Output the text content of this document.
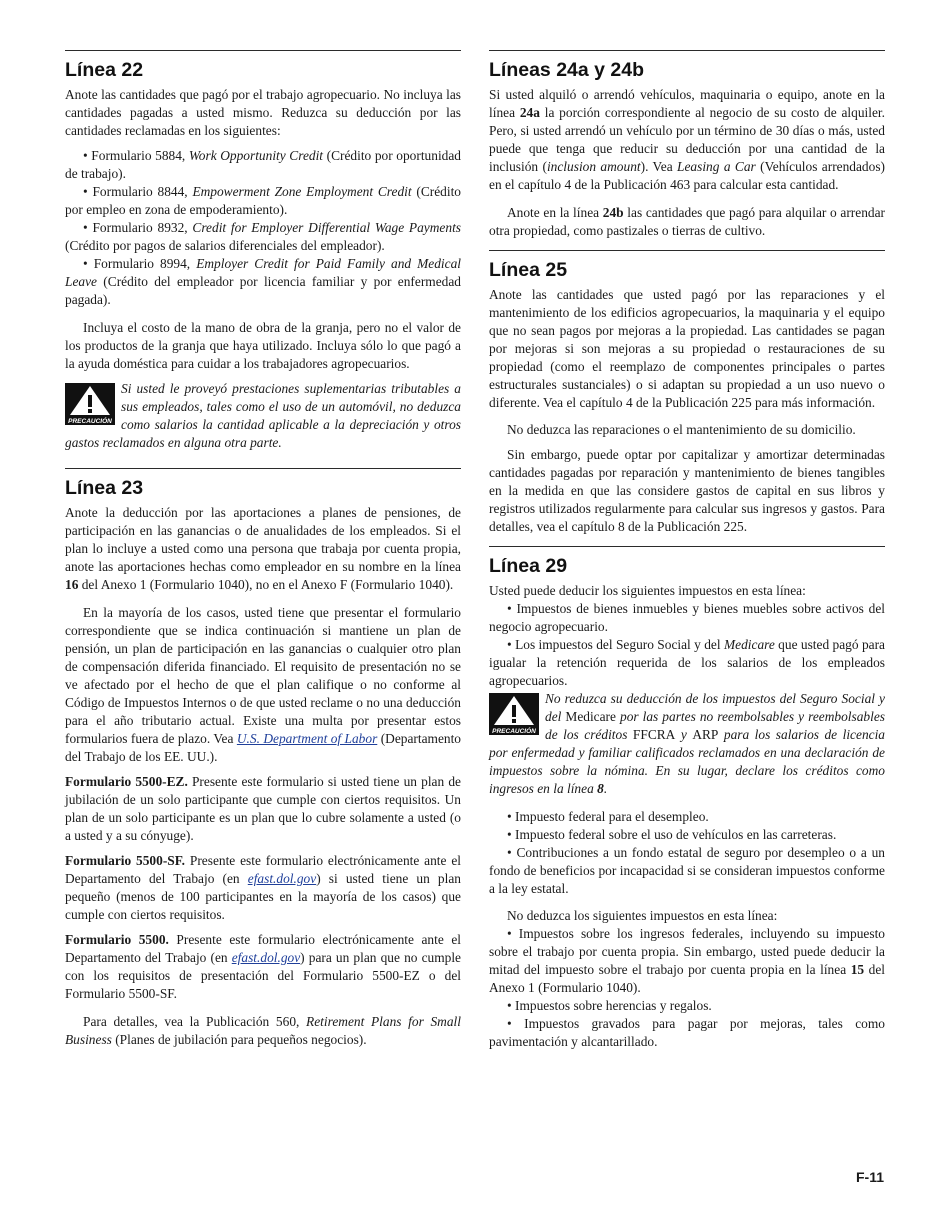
Línea 22

Anote las cantidades que pagó por el trabajo agropecuario. No incluya las cantidades pagadas a usted mismo. Reduzca su deducción por las cantidades reclamadas en los siguientes:

• Formulario 5884, Work Opportunity Credit (Crédito por oportunidad de trabajo).

• Formulario 8844, Empowerment Zone Employment Credit (Crédito por empleo en zona de empoderamiento).

• Formulario 8932, Credit for Employer Differential Wage Payments (Crédito por pagos de salarios diferenciales del empleador).

• Formulario 8994, Employer Credit for Paid Family and Medical Leave (Crédito del empleador por licencia familiar y por enfermedad pagada).

Incluya el costo de la mano de obra de la granja, pero no el valor de los productos de la granja que haya utilizado. Incluya sólo lo que pagó a la ayuda doméstica para cuidar a los trabajadores agropecuarios.

PRECAUCIÓN
Si usted le proveyó prestaciones suplementarias tributables a sus empleados, tales como el uso de un automóvil, no deduzca como salarios la cantidad aplicable a la depreciación y otros gastos reclamados en alguna otra parte.
Línea 23

Anote la deducción por las aportaciones a planes de pensiones, de participación en las ganancias o de anualidades de los empleados. Si el plan lo incluye a usted como una persona que trabaja por cuenta propia, anote las aportaciones hechas como empleador en su nombre en la línea 16 del Anexo 1 (Formulario 1040), no en el Anexo F (Formulario 1040).

En la mayoría de los casos, usted tiene que presentar el formulario correspondiente que se indica continuación si mantiene un plan de pensión, un plan de participación en las ganancias o cualquier otro plan de compensación diferida financiado. El requisito de presentación no se ve afectado por el hecho de que el plan califique o no conforme al Código de Impuestos Internos o de que usted reclame o no una deducción para el año tributario actual. Existe una multa por presentar estos formularios fuera de plazo. Vea U.S. Department of Labor (Departamento del Trabajo de los EE. UU.).

Formulario 5500-EZ. Presente este formulario si usted tiene un plan de jubilación de un solo participante que cumple con ciertos requisitos. Un plan de un solo participante es un plan que lo cubre solamente a usted (o a usted y a su cónyuge).

Formulario 5500-SF. Presente este formulario electrónicamente ante el Departamento del Trabajo (en efast.dol.gov) si usted tiene un plan pequeño (menos de 100 participantes en la mayoría de los casos) que cumple con ciertos requisitos.

Formulario 5500. Presente este formulario electrónicamente ante el Departamento del Trabajo (en efast.dol.gov) para un plan que no cumple con los requisitos de presentación del Formulario 5500-EZ o del Formulario 5500-SF.

Para detalles, vea la Publicación 560, Retirement Plans for Small Business (Planes de jubilación para pequeños negocios).

Líneas 24a y 24b

Si usted alquiló o arrendó vehículos, maquinaria o equipo, anote en la línea 24a la porción correspondiente al negocio de su costo de alquiler. Pero, si usted arrendó un vehículo por un término de 30 días o más, usted puede que tenga que reducir su deducción por una cantidad de la inclusión (inclusion amount). Vea Leasing a Car (Vehículos arrendados) en el capítulo 4 de la Publicación 463 para calcular esta cantidad.

Anote en la línea 24b las cantidades que pagó para alquilar o arrendar otra propiedad, como pastizales o tierras de cultivo.

Línea 25

Anote las cantidades que usted pagó por las reparaciones y el mantenimiento de los edificios agropecuarios, la maquinaria y el equipo que no sean pagos por mejoras a la propiedad. Las cantidades se pagan por mejoras si son mejoras a su propiedad o restauraciones de su propiedad (como el reemplazo de componentes principales o partes estructurales sustanciales) o si adaptan su propiedad a un uso nuevo o diferente. Vea el capítulo 4 de la Publicación 225 para más información.

No deduzca las reparaciones o el mantenimiento de su domicilio.

Sin embargo, puede optar por capitalizar y amortizar determinadas cantidades pagadas por reparación y mantenimiento de bienes tangibles en la medida en que las considere gastos de capital en sus libros y registros utilizados regularmente para calcular sus ingresos y gastos. Para detalles, vea el capítulo 8 de la Publicación 225.

Línea 29

Usted puede deducir los siguientes impuestos en esta línea:

• Impuestos de bienes inmuebles y bienes muebles sobre activos del negocio agropecuario.

• Los impuestos del Seguro Social y del Medicare que usted pagó para igualar la retención requerida de los salarios de los empleados agropecuarios.

PRECAUCIÓN
No reduzca su deducción de los impuestos del Seguro Social y del Medicare por las partes no reembolsables y reembolsables de los créditos FFCRA y ARP para los salarios de licencia por enfermedad y familiar calificados reclamados en una declaración de impuestos sobre la nómina. En su lugar, declare los créditos como ingresos en la línea 8.

• Impuesto federal para el desempleo.

• Impuesto federal sobre el uso de vehículos en las carreteras.

• Contribuciones a un fondo estatal de seguro por desempleo o a un fondo de beneficios por incapacidad si se consideran impuestos conforme a la ley estatal.

No deduzca los siguientes impuestos en esta línea:

• Impuestos sobre los ingresos federales, incluyendo su impuesto sobre el trabajo por cuenta propia. Sin embargo, usted puede deducir la mitad del impuesto sobre el trabajo por cuenta propia en la línea 15 del Anexo 1 (Formulario 1040).

• Impuestos sobre herencias y regalos.

• Impuestos gravados para pagar por mejoras, tales como pavimentación y alcantarillado.

F-11
